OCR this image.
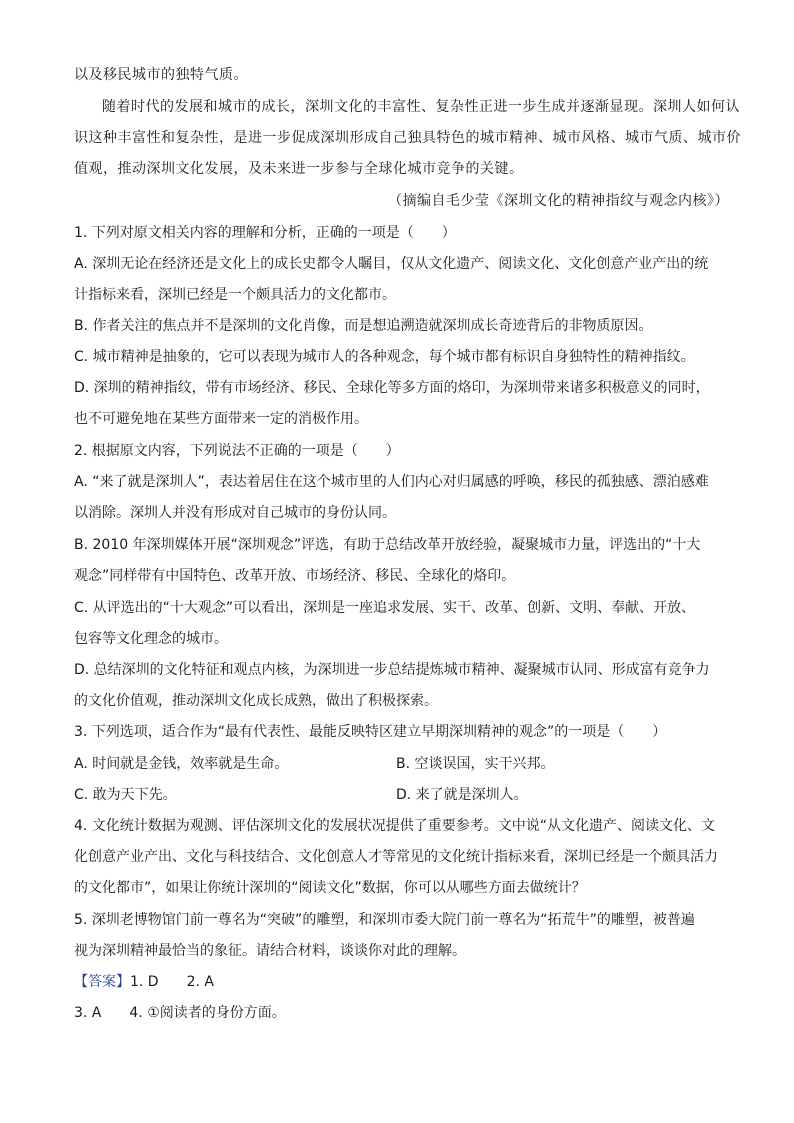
以及移民城市的独特气质。
随着时代的发展和城市的成长，深圳文化的丰富性、复杂性正进一步生成并逐渐显现。深圳人如何认
识这种丰富性和复杂性，是进一步促成深圳形成自己独具特色的城市精神、城市风格、城市气质、城市价
值观，推动深圳文化发展，及未来进一步参与全球化城市竞争的关键。
（摘编自毛少莹《深圳文化的精神指纹与观念内核》）
1. 下列对原文相关内容的理解和分析，正确的一项是（　　）
A. 深圳无论在经济还是文化上的成长史都令人瞩目，仅从文化遗产、阅读文化、文化创意产业产出的统
计指标来看，深圳已经是一个颇具活力的文化都市。
B. 作者关注的焦点并不是深圳的文化肖像，而是想追溯造就深圳成长奇迹背后的非物质原因。
C. 城市精神是抽象的，它可以表现为城市人的各种观念，每个城市都有标识自身独特性的精神指纹。
D. 深圳的精神指纹，带有市场经济、移民、全球化等多方面的烙印，为深圳带来诸多积极意义的同时，
也不可避免地在某些方面带来一定的消极作用。
2. 根据原文内容，下列说法不正确的一项是（　　）
A. “来了就是深圳人”，表达着居住在这个城市里的人们内心对归属感的呼唤，移民的孤独感、漂泊感难
以消除。深圳人并没有形成对自己城市的身份认同。
B. 2010 年深圳媒体开展“深圳观念”评选，有助于总结改革开放经验，凝聚城市力量，评选出的“十大
观念”同样带有中国特色、改革开放、市场经济、移民、全球化的烙印。
C. 从评选出的“十大观念”可以看出，深圳是一座追求发展、实干、改革、创新、文明、奉献、开放、
包容等文化理念的城市。
D. 总结深圳的文化特征和观点内核，为深圳进一步总结提炼城市精神、凝聚城市认同、形成富有竞争力
的文化价值观，推动深圳文化成长成熟，做出了积极探索。
3. 下列选项，适合作为“最有代表性、最能反映特区建立早期深圳精神的观念”的一项是（　　）
A. 时间就是金钱，效率就是生命。	B. 空谈误国，实干兴邦。
C. 敢为天下先。	D. 来了就是深圳人。
4. 文化统计数据为观测、评估深圳文化的发展状况提供了重要参考。文中说“从文化遗产、阅读文化、文
化创意产业产出、文化与科技结合、文化创意人才等常见的文化统计指标来看，深圳已经是一个颇具活力
的文化都市”，如果让你统计深圳的“阅读文化”数据，你可以从哪些方面去做统计？
5. 深圳老博物馆门前一尊名为“突破”的雕塑，和深圳市委大院门前一尊名为“拓荒牛”的雕塑，被普遍
视为深圳精神最恰当的象征。请结合材料，谈谈你对此的理解。
【答案】1. D 2. A
3. A 4. ①阅读者的身份方面。
